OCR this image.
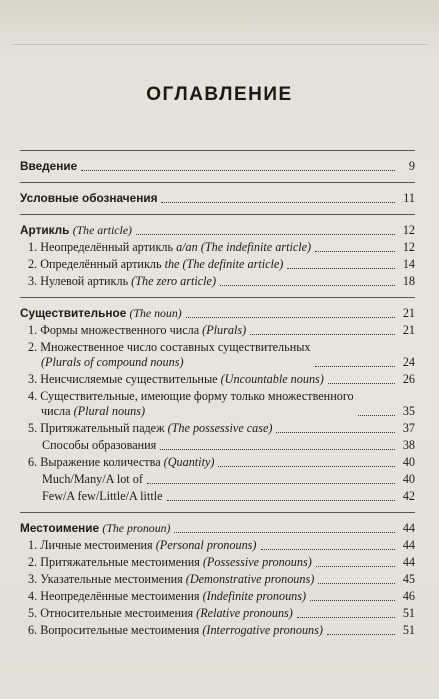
ОГЛАВЛЕНИЕ
Введение	9
Условные обозначения	11
Артикль (The article)	12
1. Неопределённый артикль a/an (The indefinite article)	12
2. Определённый артикль the (The definite article)	14
3. Нулевой артикль (The zero article)	18
Существительное (The noun)	21
1. Формы множественного числа (Plurals)	21
2. Множественное число составных существительных
(Plurals of compound nouns)	24
3. Неисчисляемые существительные (Uncountable nouns)	26
4. Существительные, имеющие форму только множественного
числа (Plural nouns)	35
5. Притяжательный падеж (The possessive case)	37
Способы образования	38
6. Выражение количества (Quantity)	40
Much/Many/A lot of	40
Few/A few/Little/A little	42
Местоимение (The pronoun)	44
1. Личные местоимения (Personal pronouns)	44
2. Притяжательные местоимения (Possessive pronouns)	44
3. Указательные местоимения (Demonstrative pronouns)	45
4. Неопределённые местоимения (Indefinite pronouns)	46
5. Относительные местоимения (Relative pronouns)	51
6. Вопросительные местоимения (Interrogative pronouns)	51
